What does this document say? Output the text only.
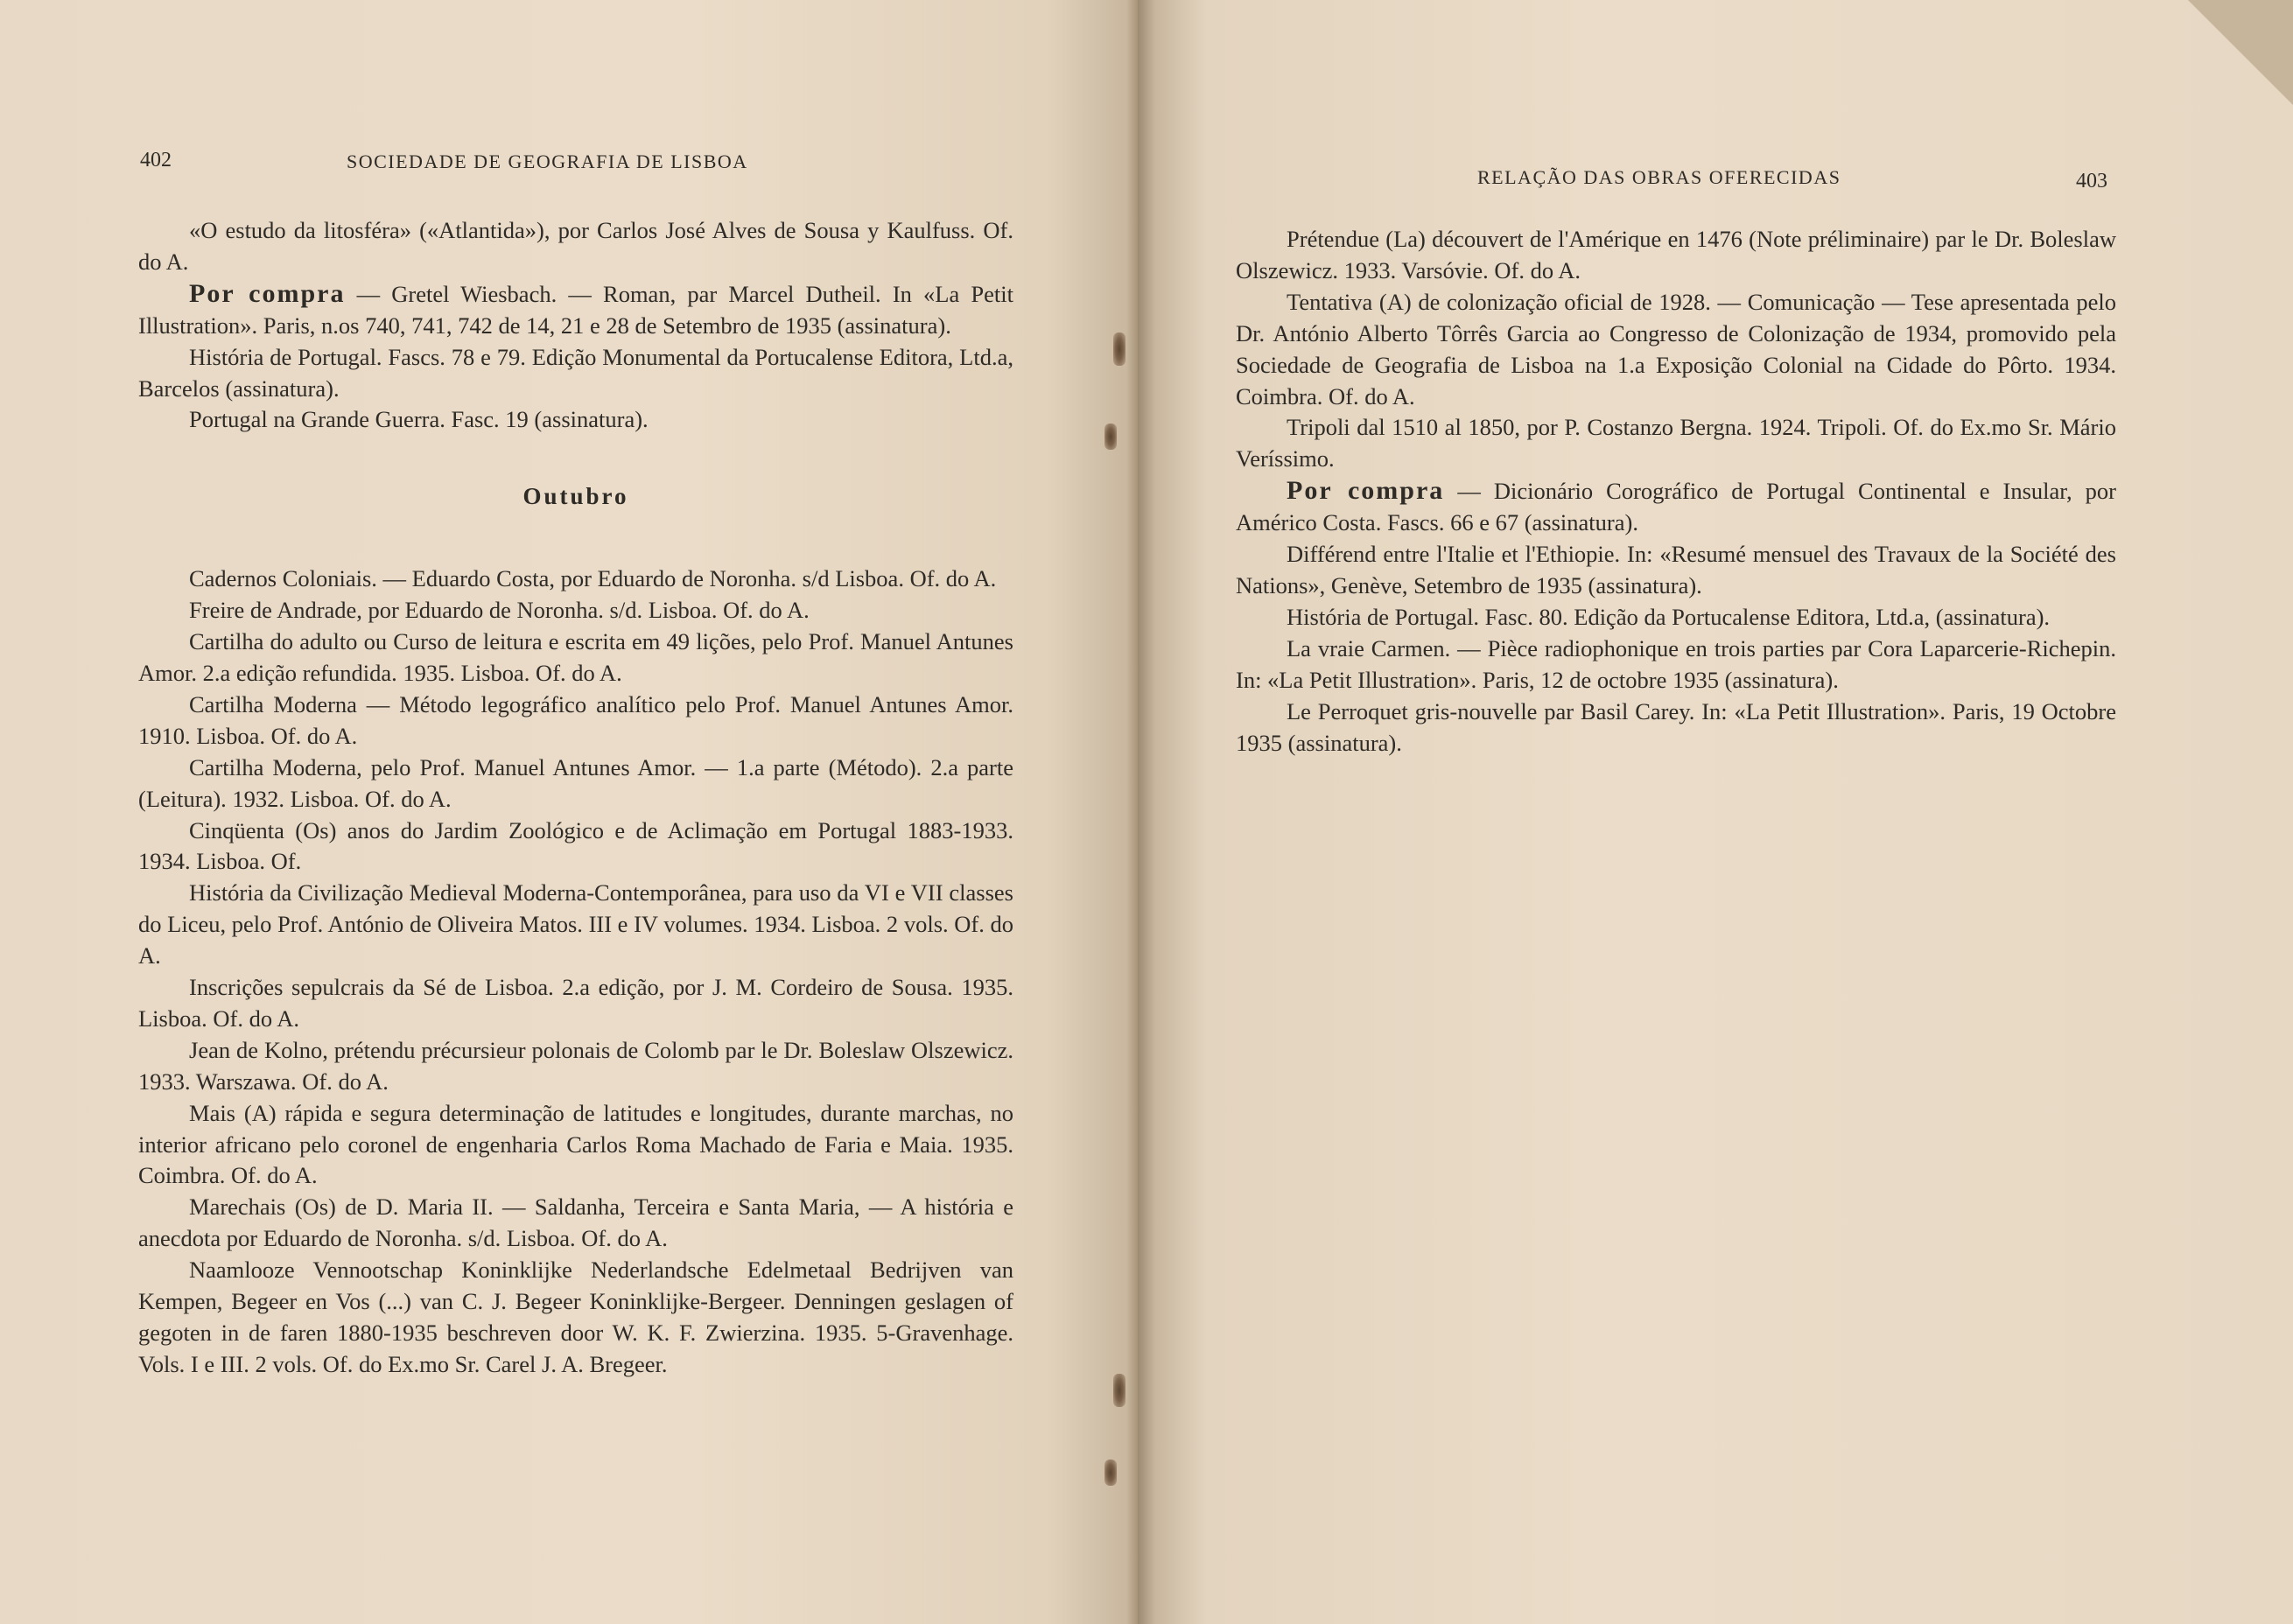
402	SOCIEDADE DE GEOGRAFIA DE LISBOA

«O estudo da litosféra» («Atlantida»), por Carlos José Alves de Sousa y Kaulfuss. Of. do A.

Por compra — Gretel Wiesbach. — Roman, par Marcel Dutheil. In «La Petit Illustration». Paris, n.os 740, 741, 742 de 14, 21 e 28 de Setembro de 1935 (assinatura).

História de Portugal. Fascs. 78 e 79. Edição Monumental da Portucalense Editora, Ltd.a, Barcelos (assinatura).

Portugal na Grande Guerra. Fasc. 19 (assinatura).

Outubro

Cadernos Coloniais. — Eduardo Costa, por Eduardo de Noronha. s/d Lisboa. Of. do A.

Freire de Andrade, por Eduardo de Noronha. s/d. Lisboa. Of. do A.

Cartilha do adulto ou Curso de leitura e escrita em 49 lições, pelo Prof. Manuel Antunes Amor. 2.a edição refundida. 1935. Lisboa. Of. do A.

Cartilha Moderna — Método legográfico analítico pelo Prof. Manuel Antunes Amor. 1910. Lisboa. Of. do A.

Cartilha Moderna, pelo Prof. Manuel Antunes Amor. — 1.a parte (Método). 2.a parte (Leitura). 1932. Lisboa. Of. do A.

Cinqüenta (Os) anos do Jardim Zoológico e de Aclimação em Portugal 1883-1933. 1934. Lisboa. Of.

História da Civilização Medieval Moderna-Contemporânea, para uso da VI e VII classes do Liceu, pelo Prof. António de Oliveira Matos. III e IV volumes. 1934. Lisboa. 2 vols. Of. do A.

Inscrições sepulcrais da Sé de Lisboa. 2.a edição, por J. M. Cordeiro de Sousa. 1935. Lisboa. Of. do A.

Jean de Kolno, prétendu précursieur polonais de Colomb par le Dr. Boleslaw Olszewicz. 1933. Warszawa. Of. do A.

Mais (A) rápida e segura determinação de latitudes e longitudes, durante marchas, no interior africano pelo coronel de engenharia Carlos Roma Machado de Faria e Maia. 1935. Coimbra. Of. do A.

Marechais (Os) de D. Maria II. — Saldanha, Terceira e Santa Maria, — A história e anecdota por Eduardo de Noronha. s/d. Lisboa. Of. do A.

Naamlooze Vennootschap Koninklijke Nederlandsche Edelmetaal Bedrijven van Kempen, Begeer en Vos (...) van C. J. Begeer Koninklijke-Bergeer. Denningen geslagen of gegoten in de faren 1880-1935 beschreven door W. K. F. Zwierzina. 1935. 5-Gravenhage. Vols. I e III. 2 vols. Of. do Ex.mo Sr. Carel J. A. Bregeer.

RELAÇÃO DAS OBRAS OFERECIDAS	403

Prétendue (La) découvert de l'Amérique en 1476 (Note préliminaire) par le Dr. Boleslaw Olszewicz. 1933. Varsóvie. Of. do A.

Tentativa (A) de colonização oficial de 1928. — Comunicação — Tese apresentada pelo Dr. António Alberto Tôrrês Garcia ao Congresso de Colonização de 1934, promovido pela Sociedade de Geografia de Lisboa na 1.a Exposição Colonial na Cidade do Pôrto. 1934. Coimbra. Of. do A.

Tripoli dal 1510 al 1850, por P. Costanzo Bergna. 1924. Tripoli. Of. do Ex.mo Sr. Mário Veríssimo.

Por compra — Dicionário Corográfico de Portugal Continental e Insular, por Américo Costa. Fascs. 66 e 67 (assinatura).

Différend entre l'Italie et l'Ethiopie. In: «Resumé mensuel des Travaux de la Société des Nations», Genève, Setembro de 1935 (assinatura).

História de Portugal. Fasc. 80. Edição da Portucalense Editora, Ltd.a, (assinatura).

La vraie Carmen. — Pièce radiophonique en trois parties par Cora Laparcerie-Richepin. In: «La Petit Illustration». Paris, 12 de octobre 1935 (assinatura).

Le Perroquet gris-nouvelle par Basil Carey. In: «La Petit Illustration». Paris, 19 Octobre 1935 (assinatura).
